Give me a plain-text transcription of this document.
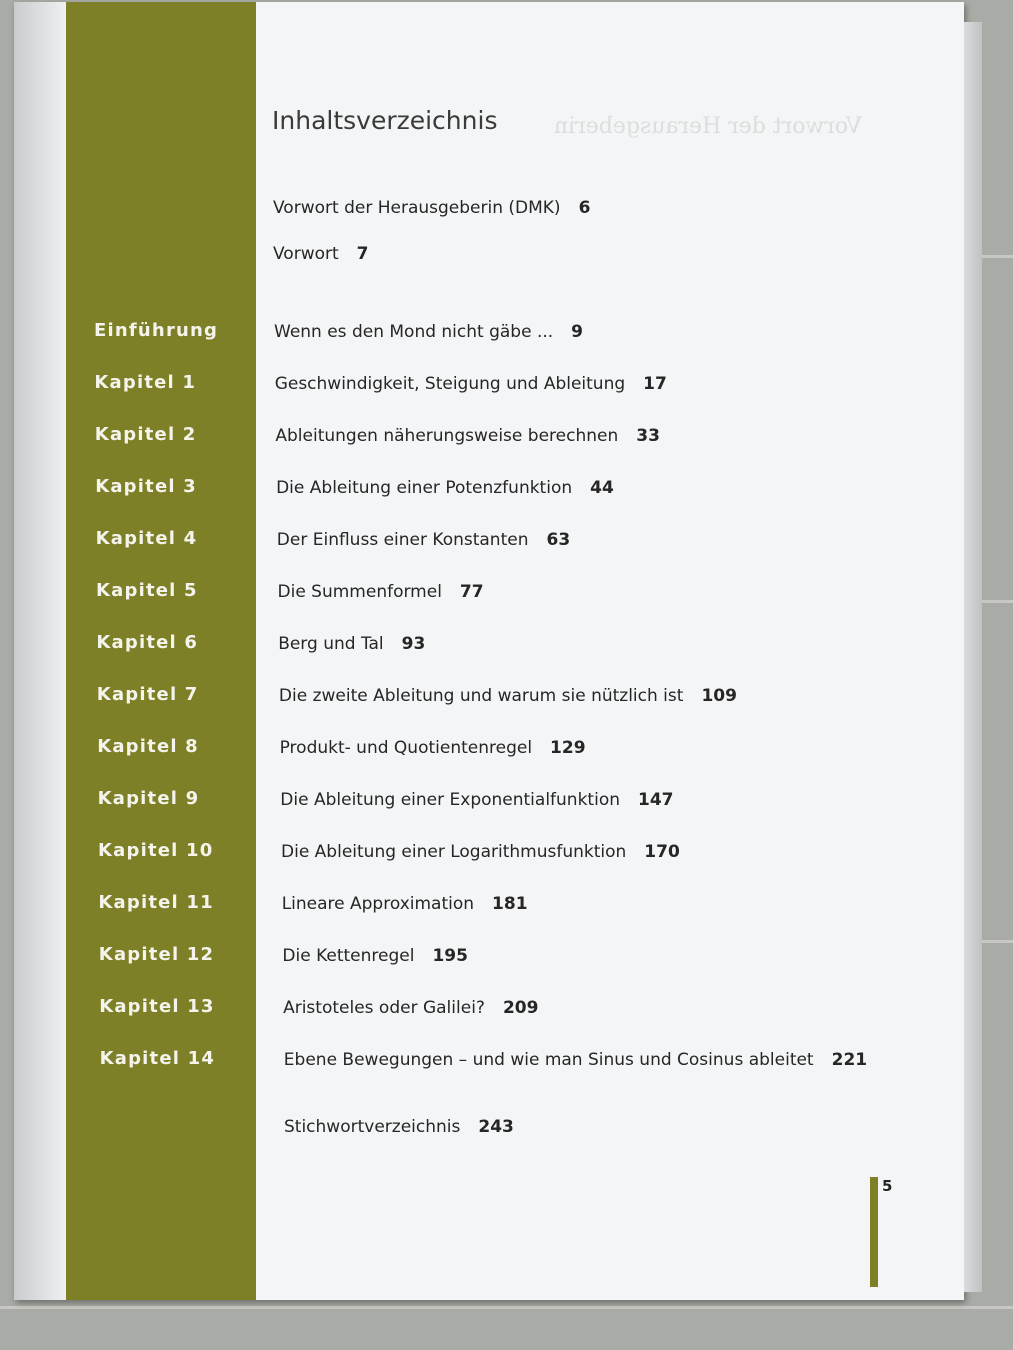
Vorwort der Herausgeberin
Inhaltsverzeichnis
5
Vorwort der Herausgeberin (DMK) 6
Vorwort 7
Einführung	Wenn es den Mond nicht gäbe ... 9
Kapitel 1	Geschwindigkeit, Steigung und Ableitung 17
Kapitel 2	Ableitungen näherungsweise berechnen 33
Kapitel 3	Die Ableitung einer Potenzfunktion 44
Kapitel 4	Der Einfluss einer Konstanten 63
Kapitel 5	Die Summenformel 77
Kapitel 6	Berg und Tal 93
Kapitel 7	Die zweite Ableitung und warum sie nützlich ist 109
Kapitel 8	Produkt- und Quotientenregel 129
Kapitel 9	Die Ableitung einer Exponentialfunktion 147
Kapitel 10	Die Ableitung einer Logarithmusfunktion 170
Kapitel 11	Lineare Approximation 181
Kapitel 12	Die Kettenregel 195
Kapitel 13	Aristoteles oder Galilei? 209
Kapitel 14	Ebene Bewegungen – und wie man Sinus und Cosinus ableitet 221
Stichwortverzeichnis 243
